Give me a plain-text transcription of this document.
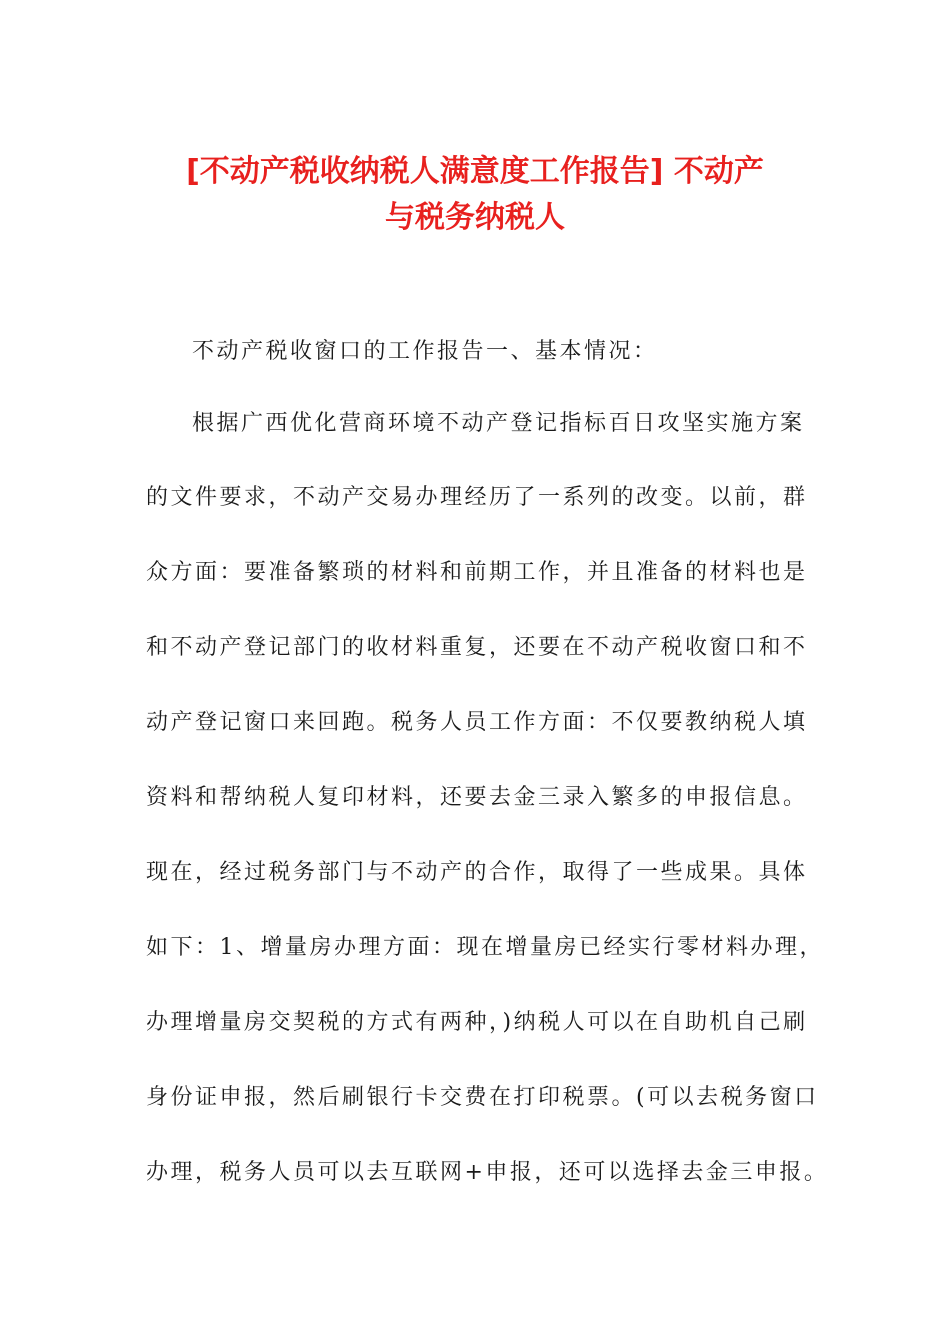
[不动产税收纳税人满意度工作报告] 不动产
与税务纳税人
不动产税收窗口的工作报告一、基本情况：
根据广西优化营商环境不动产登记指标百日攻坚实施方案
的文件要求，不动产交易办理经历了一系列的改变。以前，群
众方面：要准备繁琐的材料和前期工作，并且准备的材料也是
和不动产登记部门的收材料重复，还要在不动产税收窗口和不
动产登记窗口来回跑。税务人员工作方面：不仅要教纳税人填
资料和帮纳税人复印材料，还要去金三录入繁多的申报信息。
现在，经过税务部门与不动产的合作，取得了一些成果。具体
如下：1、增量房办理方面：现在增量房已经实行零材料办理，
办理增量房交契税的方式有两种，)纳税人可以在自助机自己刷
身份证申报，然后刷银行卡交费在打印税票。(可以去税务窗口
办理，税务人员可以去互联网+申报，还可以选择去金三申报。
